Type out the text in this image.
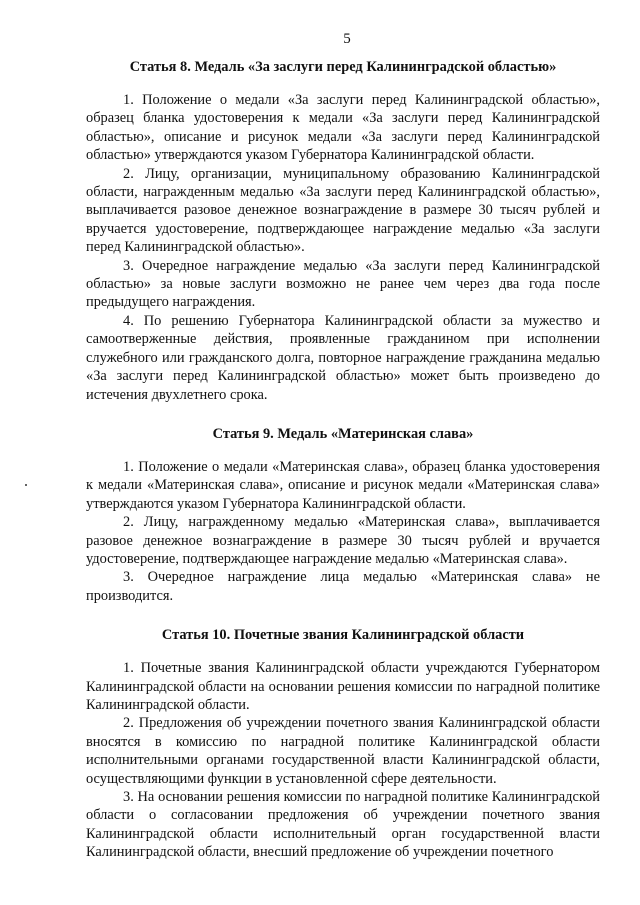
5

Статья 8. Медаль «За заслуги перед Калининградской областью»

1. Положение о медали «За заслуги перед Калининградской областью», образец бланка удостоверения к медали «За заслуги перед Калининградской областью», описание и рисунок медали «За заслуги перед Калининградской областью» утверждаются указом Губернатора Калининградской области.

2. Лицу, организации, муниципальному образованию Калининградской области, награжденным медалью «За заслуги перед Калининградской областью», выплачивается разовое денежное вознаграждение в размере 30 тысяч рублей и вручается удостоверение, подтверждающее награждение медалью «За заслуги перед Калининградской областью».

3. Очередное награждение медалью «За заслуги перед Калининградской областью» за новые заслуги возможно не ранее чем через два года после предыдущего награждения.

4. По решению Губернатора Калининградской области за мужество и самоотверженные действия, проявленные гражданином при исполнении служебного или гражданского долга, повторное награждение гражданина медалью «За заслуги перед Калининградской областью» может быть произведено до истечения двухлетнего срока.

Статья 9. Медаль «Материнская слава»

1. Положение о медали «Материнская слава», образец бланка удостоверения к медали «Материнская слава», описание и рисунок медали «Материнская слава» утверждаются указом Губернатора Калининградской области.

2. Лицу, награжденному медалью «Материнская слава», выплачивается разовое денежное вознаграждение в размере 30 тысяч рублей и вручается удостоверение, подтверждающее награждение медалью «Материнская слава».

3. Очередное награждение лица медалью «Материнская слава» не производится.

Статья 10. Почетные звания Калининградской области

1. Почетные звания Калининградской области учреждаются Губернатором Калининградской области на основании решения комиссии по наградной политике Калининградской области.

2. Предложения об учреждении почетного звания Калининградской области вносятся в комиссию по наградной политике Калининградской области исполнительными органами государственной власти Калининградской области, осуществляющими функции в установленной сфере деятельности.

3. На основании решения комиссии по наградной политике Калининградской области о согласовании предложения об учреждении почетного звания Калининградской области исполнительный орган государственной власти Калининградской области, внесший предложение об учреждении почетного
